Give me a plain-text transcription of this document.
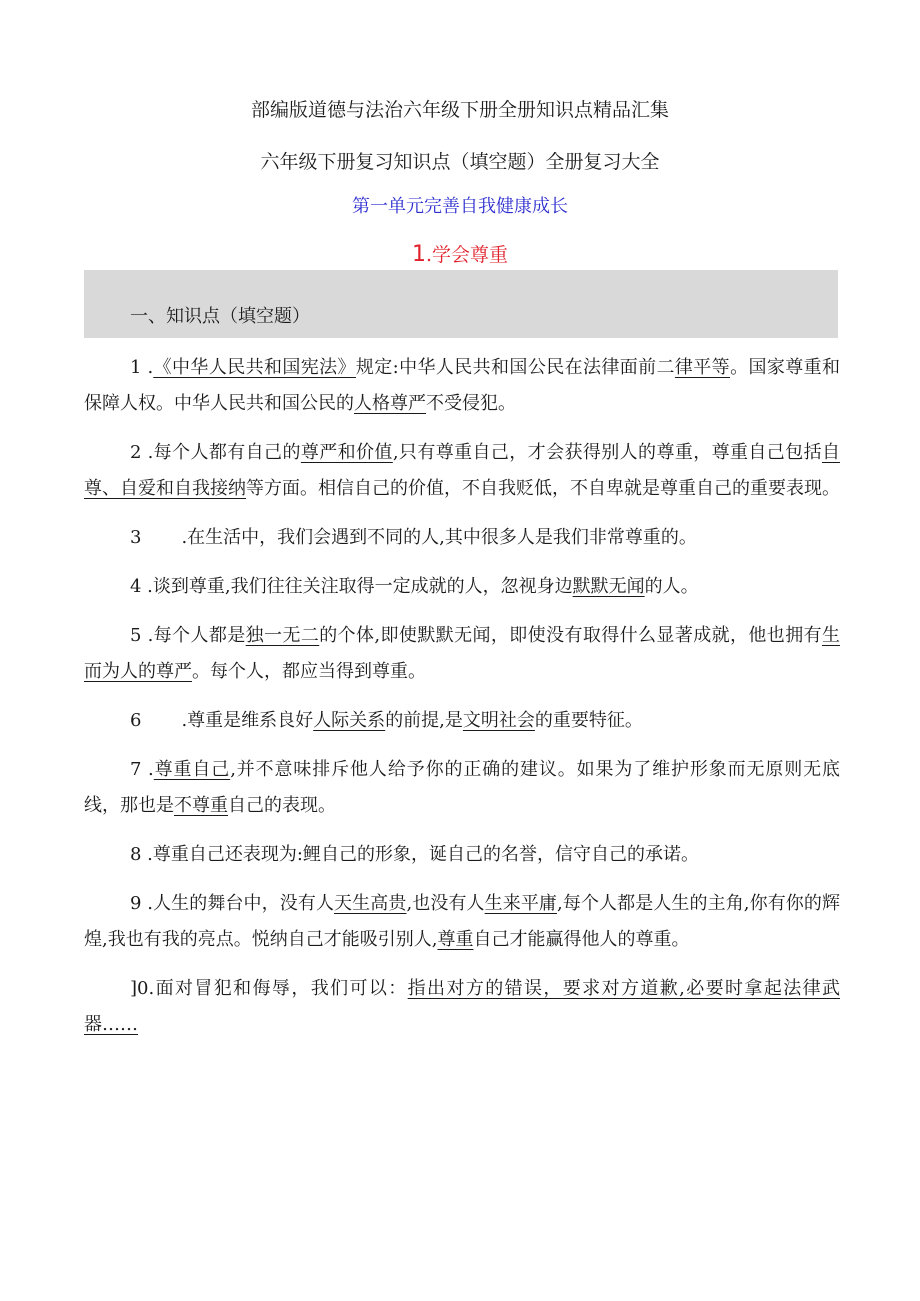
部编版道德与法治六年级下册全册知识点精品汇集
六年级下册复习知识点（填空题）全册复习大全
第一单元完善自我健康成长
1.学会尊重
一、知识点（填空题）

1 .《中华人民共和国宪法》规定:中华人民共和国公民在法律面前二律平等。国家尊重和保障人权。中华人民共和国公民的人格尊严不受侵犯。

2 .每个人都有自己的尊严和价值,只有尊重自己，才会获得别人的尊重，尊重自己包括自尊、自爱和自我接纳等方面。相信自己的价值，不自我贬低，不自卑就是尊重自己的重要表现。

3 .在生活中，我们会遇到不同的人,其中很多人是我们非常尊重的。

4 .谈到尊重,我们往往关注取得一定成就的人，忽视身边默默无闻的人。

5 .每个人都是独一无二的个体,即使默默无闻，即使没有取得什么显著成就，他也拥有生而为人的尊严。每个人，都应当得到尊重。

6 .尊重是维系良好人际关系的前提,是文明社会的重要特征。

7 .尊重自己,并不意味排斥他人给予你的正确的建议。如果为了维护形象而无原则无底线，那也是不尊重自己的表现。

8 .尊重自己还表现为:鲤自己的形象，诞自己的名誉，信守自己的承诺。

9 .人生的舞台中，没有人天生高贵,也没有人生来平庸,每个人都是人生的主角,你有你的辉煌,我也有我的亮点。悦纳自己才能吸引别人,尊重自己才能赢得他人的尊重。

]0.面对冒犯和侮辱，我们可以：指出对方的错误，要求对方道歉,必要时拿起法律武器……
